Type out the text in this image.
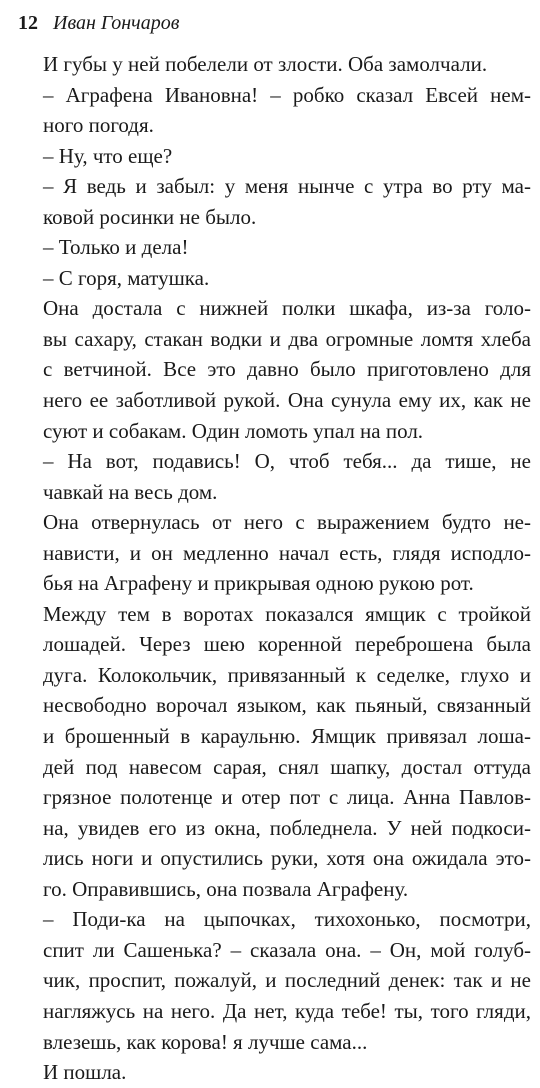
12 Иван Гончаров

И губы у ней побелели от злости. Оба замолчали.

– Аграфена Ивановна! – робко сказал Евсей нем-
ного погодя.

– Ну, что еще?

– Я ведь и забыл: у меня нынче с утра во рту ма-
ковой росинки не было.

– Только и дела!

– С горя, матушка.

Она достала с нижней полки шкафа, из-за голо-
вы сахару, стакан водки и два огромные ломтя хлеба
с ветчиной. Все это давно было приготовлено для
него ее заботливой рукой. Она сунула ему их, как не
суют и собакам. Один ломоть упал на пол.

– На вот, подавись! О, чтоб тебя... да тише, не
чавкай на весь дом.

Она отвернулась от него с выражением будто не-
нависти, и он медленно начал есть, глядя исподло-
бья на Аграфену и прикрывая одною рукою рот.

Между тем в воротах показался ямщик с тройкой
лошадей. Через шею коренной переброшена была
дуга. Колокольчик, привязанный к седелке, глухо и
несвободно ворочал языком, как пьяный, связанный
и брошенный в караульню. Ямщик привязал лоша-
дей под навесом сарая, снял шапку, достал оттуда
грязное полотенце и отер пот с лица. Анна Павлов-
на, увидев его из окна, побледнела. У ней подкоси-
лись ноги и опустились руки, хотя она ожидала это-
го. Оправившись, она позвала Аграфену.

– Поди-ка на цыпочках, тихохонько, посмотри,
спит ли Сашенька? – сказала она. – Он, мой голуб-
чик, проспит, пожалуй, и последний денек: так и не
нагляжусь на него. Да нет, куда тебе! ты, того гляди,
влезешь, как корова! я лучше сама...

И пошла.
